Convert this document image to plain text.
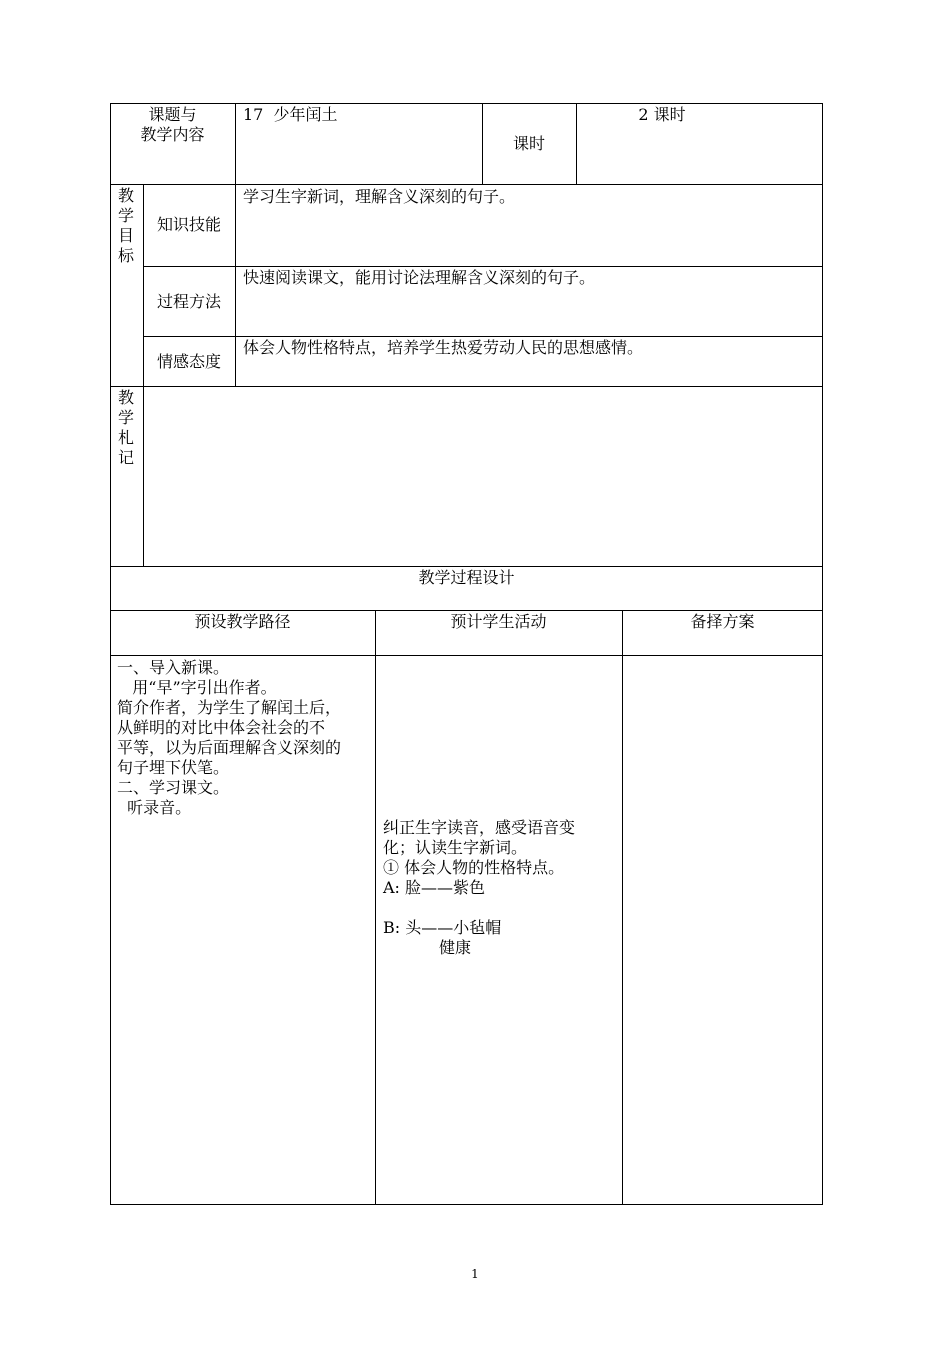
课题与
教学内容
17  少年闰土
课时
2 课时
教学目标
知识技能
学习生字新词，理解含义深刻的句子。
过程方法
快速阅读课文，能用讨论法理解含义深刻的句子。
情感态度
体会人物性格特点，培养学生热爱劳动人民的思想感情。
教学札记
教学过程设计
预设教学路径	预计学生活动	备择方案

一、导入新课。

用“早”字引出作者。

简介作者，为学生了解闰土后，

从鲜明的对比中体会社会的不

平等，以为后面理解含义深刻的

句子埋下伏笔。

二、学习课文。

听录音。

纠正生字读音，感受语音变

化；认读生字新词。

① 体会人物的性格特点。

A: 脸——紫色

B: 头——小毡帽

健康

1
